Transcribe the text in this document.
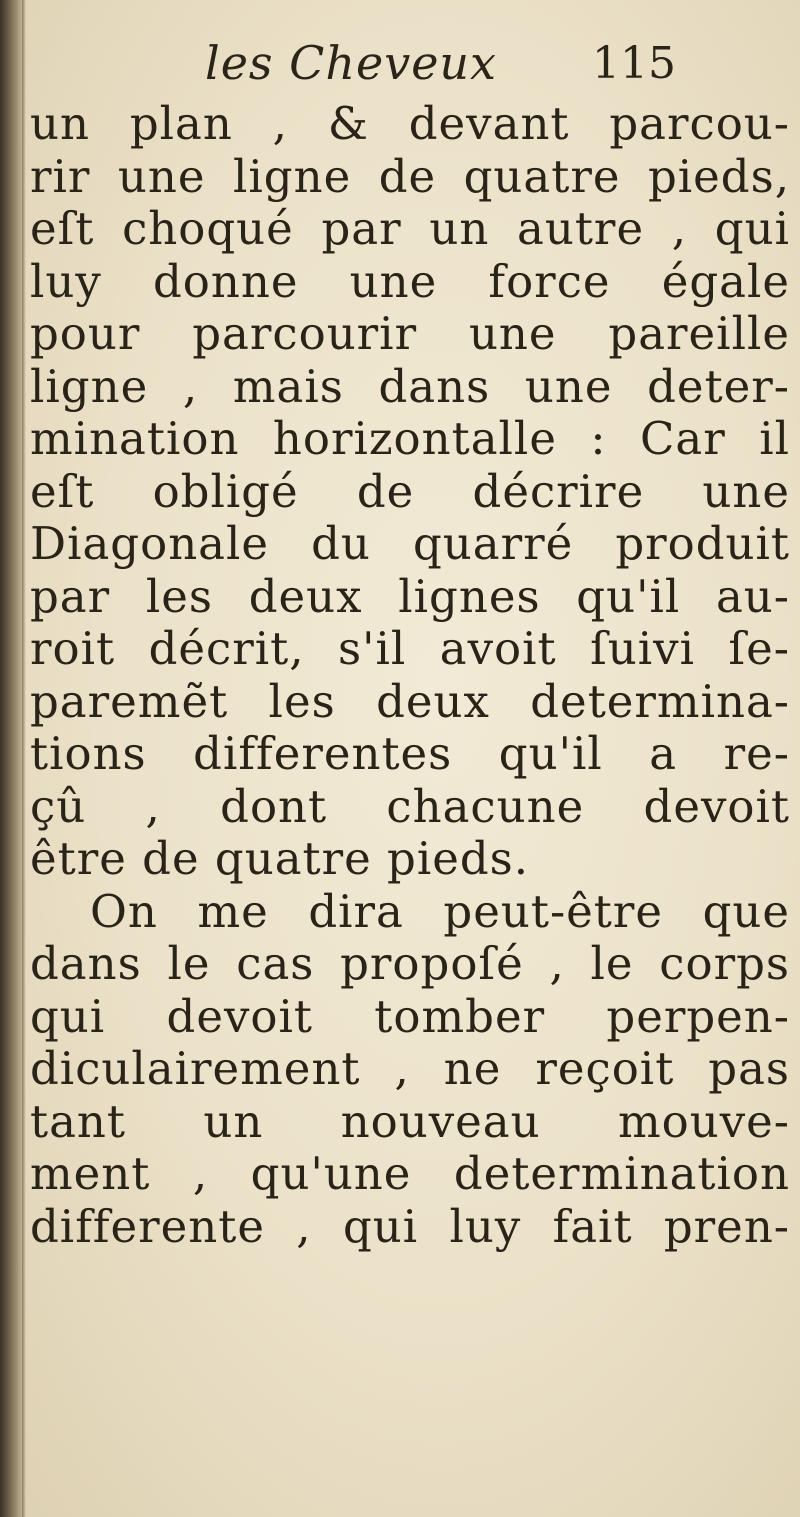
les Cheveux 115
un plan , & devant parcou-
rir une ligne de quatre pieds,
eſt choqué par un autre , qui
luy donne une force égale
pour parcourir une pareille
ligne , mais dans une deter-
mination horizontalle : Car il
eſt obligé de décrire une
Diagonale du quarré produit
par les deux lignes qu'il au-
roit décrit, s'il avoit ſuivi ſe-
paremẽt les deux determina-
tions differentes qu'il a re-
çû , dont chacune devoit
être de quatre pieds.
On me dira peut-être que
dans le cas propoſé , le corps
qui devoit tomber perpen-
diculairement , ne reçoit pas
tant un nouveau mouve-
ment , qu'une determination
differente , qui luy fait pren-
